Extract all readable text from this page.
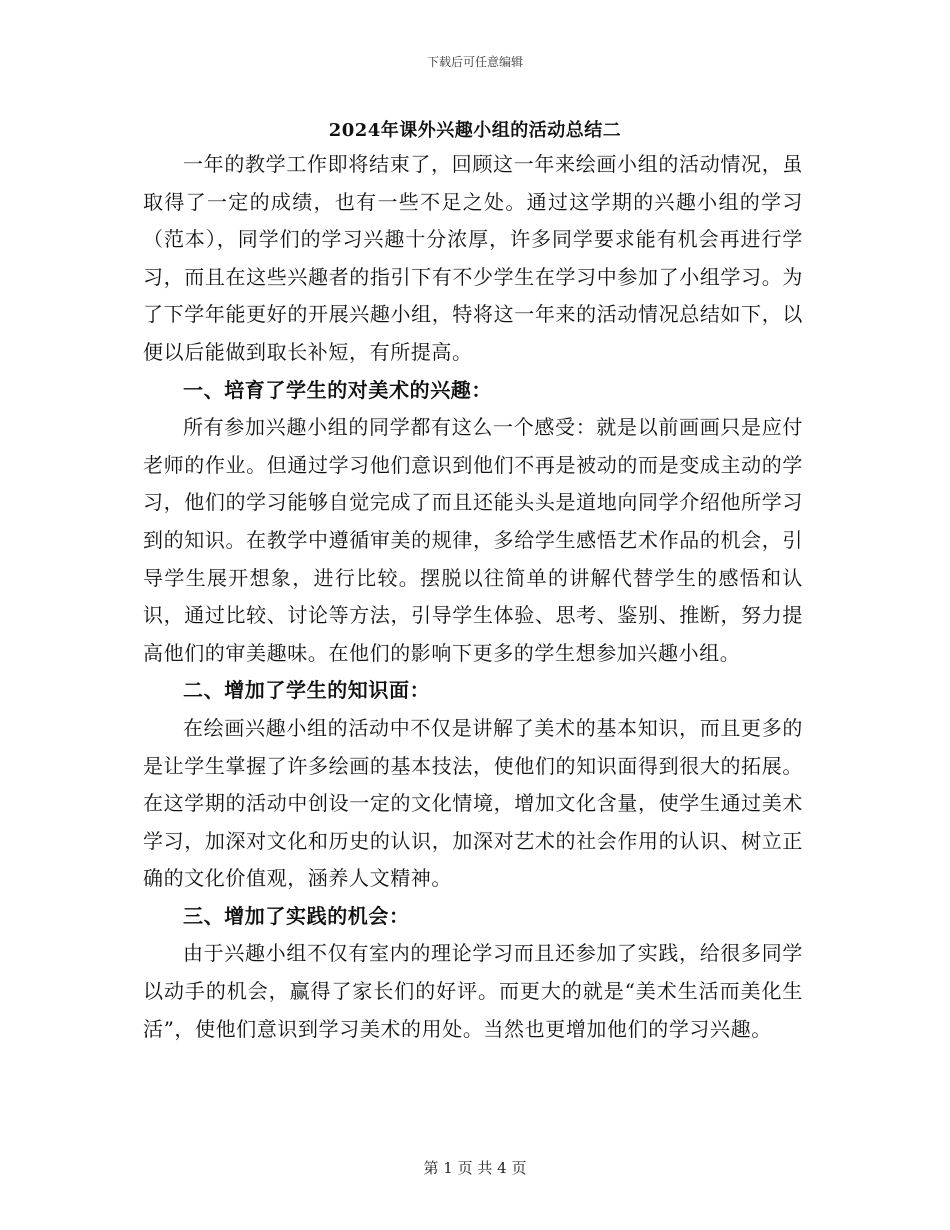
下载后可任意编辑
2024年课外兴趣小组的活动总结二

一年的教学工作即将结束了，回顾这一年来绘画小组的活动情况，虽取得了一定的成绩，也有一些不足之处。通过这学期的兴趣小组的学习（范本），同学们的学习兴趣十分浓厚，许多同学要求能有机会再进行学习，而且在这些兴趣者的指引下有不少学生在学习中参加了小组学习。为了下学年能更好的开展兴趣小组，特将这一年来的活动情况总结如下，以便以后能做到取长补短，有所提高。

一、培育了学生的对美术的兴趣：

所有参加兴趣小组的同学都有这么一个感受：就是以前画画只是应付老师的作业。但通过学习他们意识到他们不再是被动的而是变成主动的学习，他们的学习能够自觉完成了而且还能头头是道地向同学介绍他所学习到的知识。在教学中遵循审美的规律，多给学生感悟艺术作品的机会，引导学生展开想象，进行比较。摆脱以往简单的讲解代替学生的感悟和认识，通过比较、讨论等方法，引导学生体验、思考、鉴别、推断，努力提高他们的审美趣味。在他们的影响下更多的学生想参加兴趣小组。

二、增加了学生的知识面：

在绘画兴趣小组的活动中不仅是讲解了美术的基本知识，而且更多的是让学生掌握了许多绘画的基本技法，使他们的知识面得到很大的拓展。在这学期的活动中创设一定的文化情境，增加文化含量，使学生通过美术学习，加深对文化和历史的认识，加深对艺术的社会作用的认识、树立正确的文化价值观，涵养人文精神。

三、增加了实践的机会：

由于兴趣小组不仅有室内的理论学习而且还参加了实践，给很多同学以动手的机会，赢得了家长们的好评。而更大的就是“美术生活而美化生活”，使他们意识到学习美术的用处。当然也更增加他们的学习兴趣。

第 1 页 共 4 页
